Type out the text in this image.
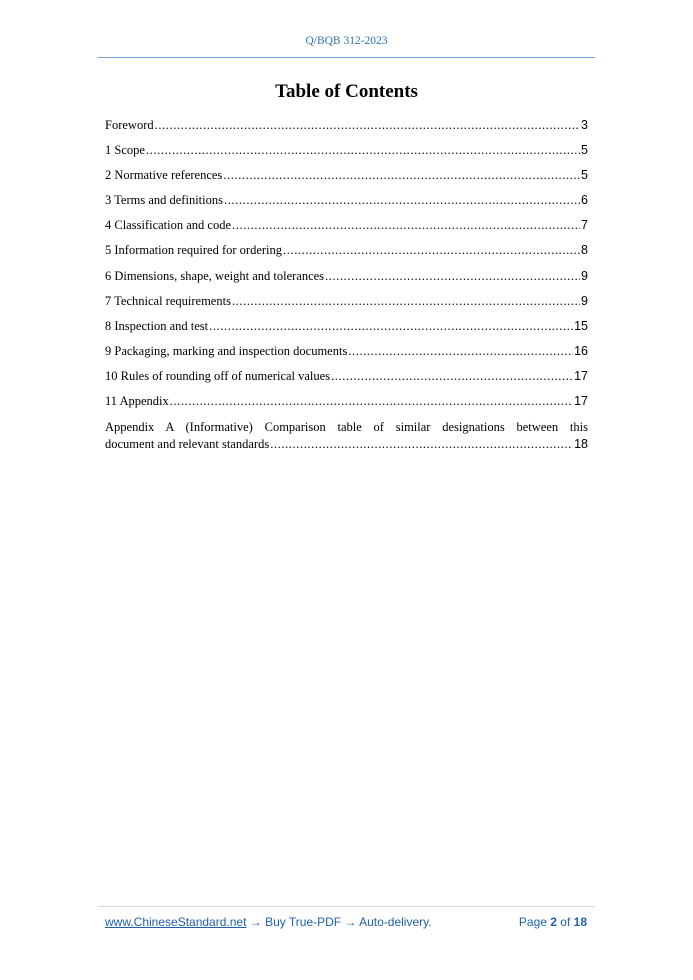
Q/BQB 312-2023
Table of Contents
Foreword .....	3
1 Scope .....	5
2 Normative references .....	5
3 Terms and definitions .....	6
4 Classification and code .....	7
5 Information required for ordering .....	8
6 Dimensions, shape, weight and tolerances .....	9
7 Technical requirements .....	9
8 Inspection and test .....	15
9 Packaging, marking and inspection documents .....	16
10 Rules of rounding off of numerical values .....	17
11 Appendix .....	17
Appendix A (Informative) Comparison table of similar designations between this
document and relevant standards .....	18
www.ChineseStandard.net → Buy True-PDF → Auto-delivery.	Page 2 of 18
